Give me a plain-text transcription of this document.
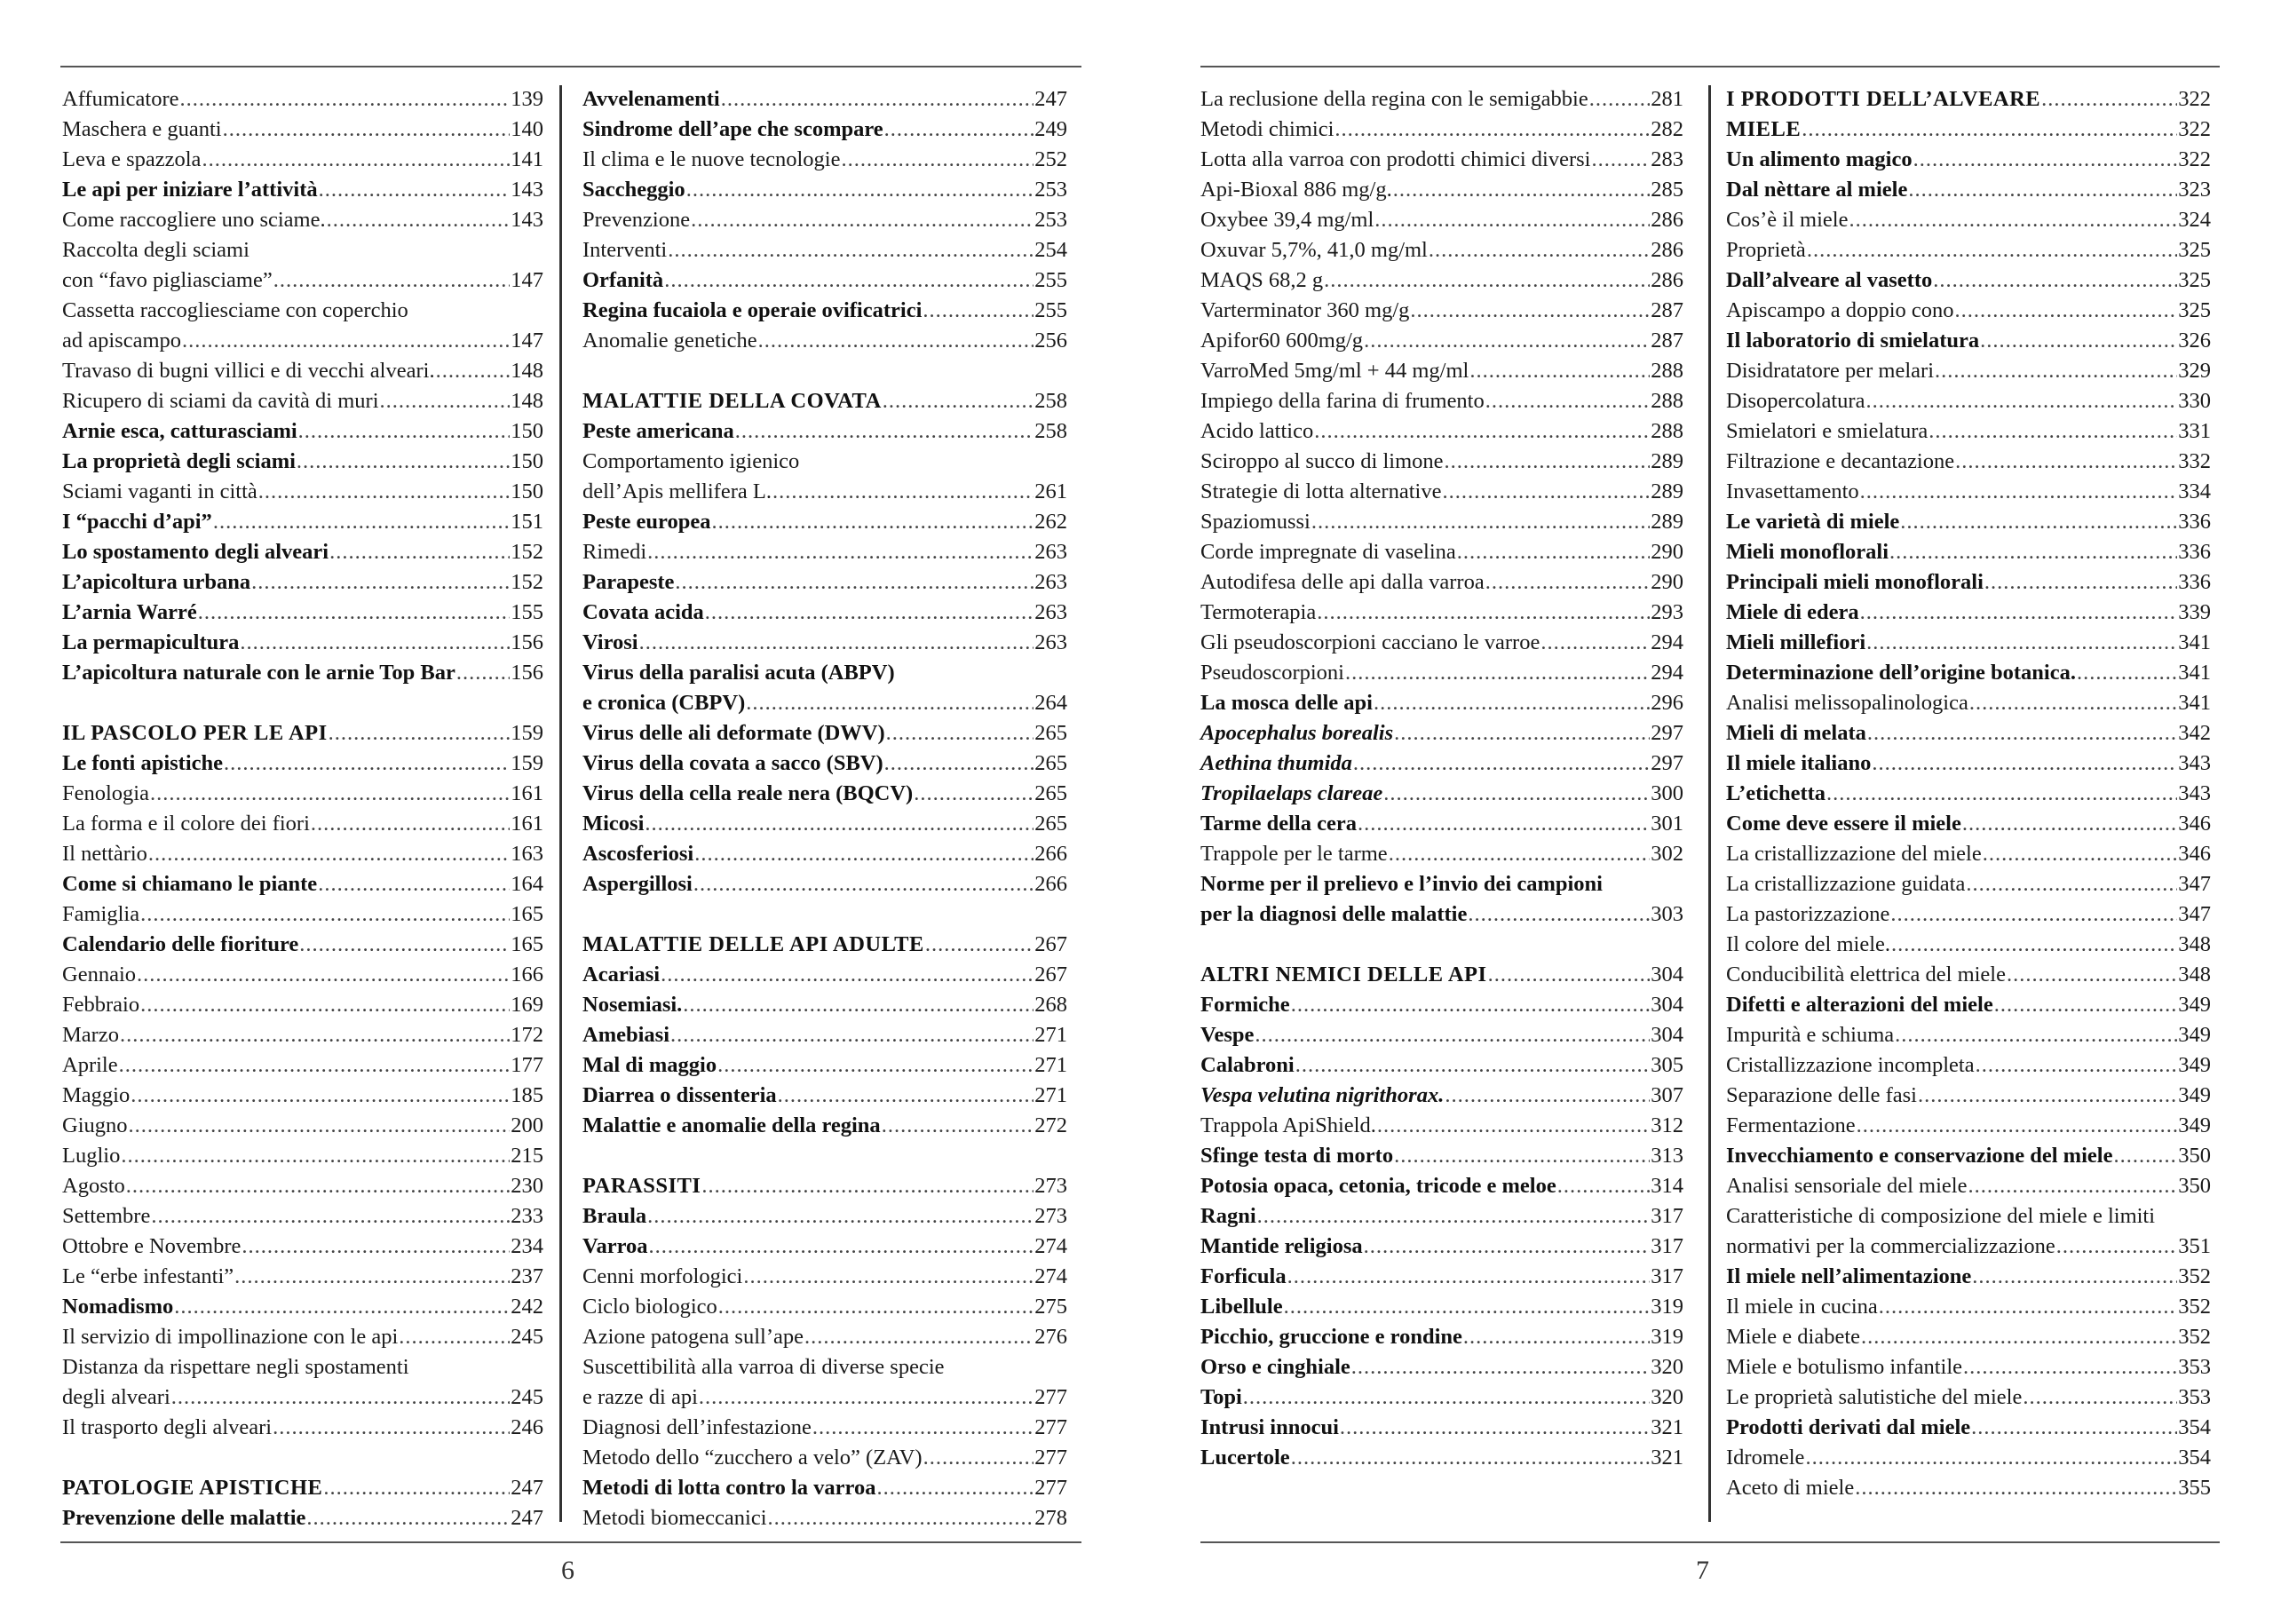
Affumicatore .....	139
Maschera e guanti .....	140
Leva e spazzola .....	141
Le api per iniziare l’attività .....	143
Come raccogliere uno sciame. .....	143
Raccolta degli sciami
con “favo pigliasciame” .....	147
Cassetta raccogliesciame con coperchio
ad apiscampo .....	147
Travaso di bugni villici e di vecchi alveari. .....	148
Ricupero di sciami da cavità di muri .....	148
Arnie esca, catturasciami .....	150
La proprietà degli sciami .....	150
Sciami vaganti in città .....	150
I “pacchi d’api” .....	151
Lo spostamento degli alveari .....	152
L’apicoltura urbana .....	152
L’arnia Warré .....	155
La permapicultura .....	156
L’apicoltura naturale con le arnie Top Bar .....	156
IL PASCOLO PER LE API .....	159
Le fonti apistiche .....	159
Fenologia .....	161
La forma e il colore dei fiori .....	161
Il nettàrio .....	163
Come si chiamano le piante .....	164
Famiglia .....	165
Calendario delle fioriture .....	165
Gennaio .....	166
Febbraio .....	169
Marzo .....	172
Aprile .....	177
Maggio .....	185
Giugno .....	200
Luglio .....	215
Agosto .....	230
Settembre .....	233
Ottobre e Novembre .....	234
Le “erbe infestanti” .....	237
Nomadismo .....	242
Il servizio di impollinazione con le api .....	245
Distanza da rispettare negli spostamenti
degli alveari .....	245
Il trasporto degli alveari .....	246
PATOLOGIE APISTICHE .....	247
Prevenzione delle malattie .....	247
Avvelenamenti .....	247
Sindrome dell’ape che scompare .....	249
Il clima e le nuove tecnologie .....	252
Saccheggio .....	253
Prevenzione .....	253
Interventi .....	254
Orfanità .....	255
Regina fucaiola e operaie ovificatrici .....	255
Anomalie genetiche .....	256
MALATTIE DELLA COVATA .....	258
Peste americana .....	258
Comportamento igienico
dell’Apis mellifera L. .....	261
Peste europea .....	262
Rimedi .....	263
Parapeste .....	263
Covata acida .....	263
Virosi .....	263
Virus della paralisi acuta (ABPV)
e cronica (CBPV) .....	264
Virus delle ali deformate (DWV) .....	265
Virus della covata a sacco (SBV) .....	265
Virus della cella reale nera (BQCV) .....	265
Micosi .....	265
Ascosferiosi .....	266
Aspergillosi .....	266
MALATTIE DELLE API ADULTE .....	267
Acariasi .....	267
Nosemiasi. .....	268
Amebiasi .....	271
Mal di maggio .....	271
Diarrea o dissenteria .....	271
Malattie e anomalie della regina .....	272
PARASSITI .....	273
Braula .....	273
Varroa .....	274
Cenni morfologici .....	274
Ciclo biologico .....	275
Azione patogena sull’ape .....	276
Suscettibilità alla varroa di diverse specie
e razze di api .....	277
Diagnosi dell’infestazione .....	277
Metodo dello “zucchero a velo” (ZAV) .....	277
Metodi di lotta contro la varroa .....	277
Metodi biomeccanici .....	278
6
La reclusione della regina con le semigabbie .....	281
Metodi chimici .....	282
Lotta alla varroa con prodotti chimici diversi .....	283
Api-Bioxal 886 mg/g. .....	285
Oxybee 39,4 mg/ml .....	286
Oxuvar 5,7%, 41,0 mg/ml .....	286
MAQS 68,2 g .....	286
Varterminator 360 mg/g .....	287
Apifor60 600mg/g .....	287
VarroMed 5mg/ml + 44 mg/ml .....	288
Impiego della farina di frumento .....	288
Acido lattico .....	288
Sciroppo al succo di limone .....	289
Strategie di lotta alternative .....	289
Spaziomussi .....	289
Corde impregnate di vaselina .....	290
Autodifesa delle api dalla varroa .....	290
Termoterapia .....	293
Gli pseudoscorpioni cacciano le varroe .....	294
Pseudoscorpioni .....	294
La mosca delle api .....	296
Apocephalus borealis .....	297
Aethina thumida .....	297
Tropilaelaps clareae .....	300
Tarme della cera .....	301
Trappole per le tarme .....	302
Norme per il prelievo e l’invio dei campioni
per la diagnosi delle malattie .....	303
ALTRI NEMICI DELLE API .....	304
Formiche .....	304
Vespe .....	304
Calabroni .....	305
Vespa velutina nigrithorax. .....	307
Trappola ApiShield. .....	312
Sfinge testa di morto .....	313
Potosia opaca, cetonia, tricode e meloe .....	314
Ragni .....	317
Mantide religiosa .....	317
Forficula .....	317
Libellule .....	319
Picchio, gruccione e rondine .....	319
Orso e cinghiale .....	320
Topi .....	320
Intrusi innocui .....	321
Lucertole .....	321
I PRODOTTI DELL’ALVEARE .....	322
MIELE .....	322
Un alimento magico .....	322
Dal nèttare al miele .....	323
Cos’è il miele .....	324
Proprietà .....	325
Dall’alveare al vasetto .....	325
Apiscampo a doppio cono .....	325
Il laboratorio di smielatura .....	326
Disidratatore per melari .....	329
Disopercolatura .....	330
Smielatori e smielatura .....	331
Filtrazione e decantazione .....	332
Invasettamento .....	334
Le varietà di miele .....	336
Mieli monoflorali .....	336
Principali mieli monoflorali .....	336
Miele di edera .....	339
Mieli millefiori .....	341
Determinazione dell’origine botanica. .....	341
Analisi melissopalinologica .....	341
Mieli di melata .....	342
Il miele italiano .....	343
L’etichetta .....	343
Come deve essere il miele .....	346
La cristallizzazione del miele .....	346
La cristallizzazione guidata .....	347
La pastorizzazione .....	347
Il colore del miele. .....	348
Conducibilità elettrica del miele .....	348
Difetti e alterazioni del miele .....	349
Impurità e schiuma .....	349
Cristallizzazione incompleta .....	349
Separazione delle fasi .....	349
Fermentazione .....	349
Invecchiamento e conservazione del miele .....	350
Analisi sensoriale del miele .....	350
Caratteristiche di composizione del miele e limiti
normativi per la commercializzazione .....	351
Il miele nell’alimentazione .....	352
Il miele in cucina .....	352
Miele e diabete .....	352
Miele e botulismo infantile .....	353
Le proprietà salutistiche del miele .....	353
Prodotti derivati dal miele .....	354
Idromele .....	354
Aceto di miele .....	355
7
